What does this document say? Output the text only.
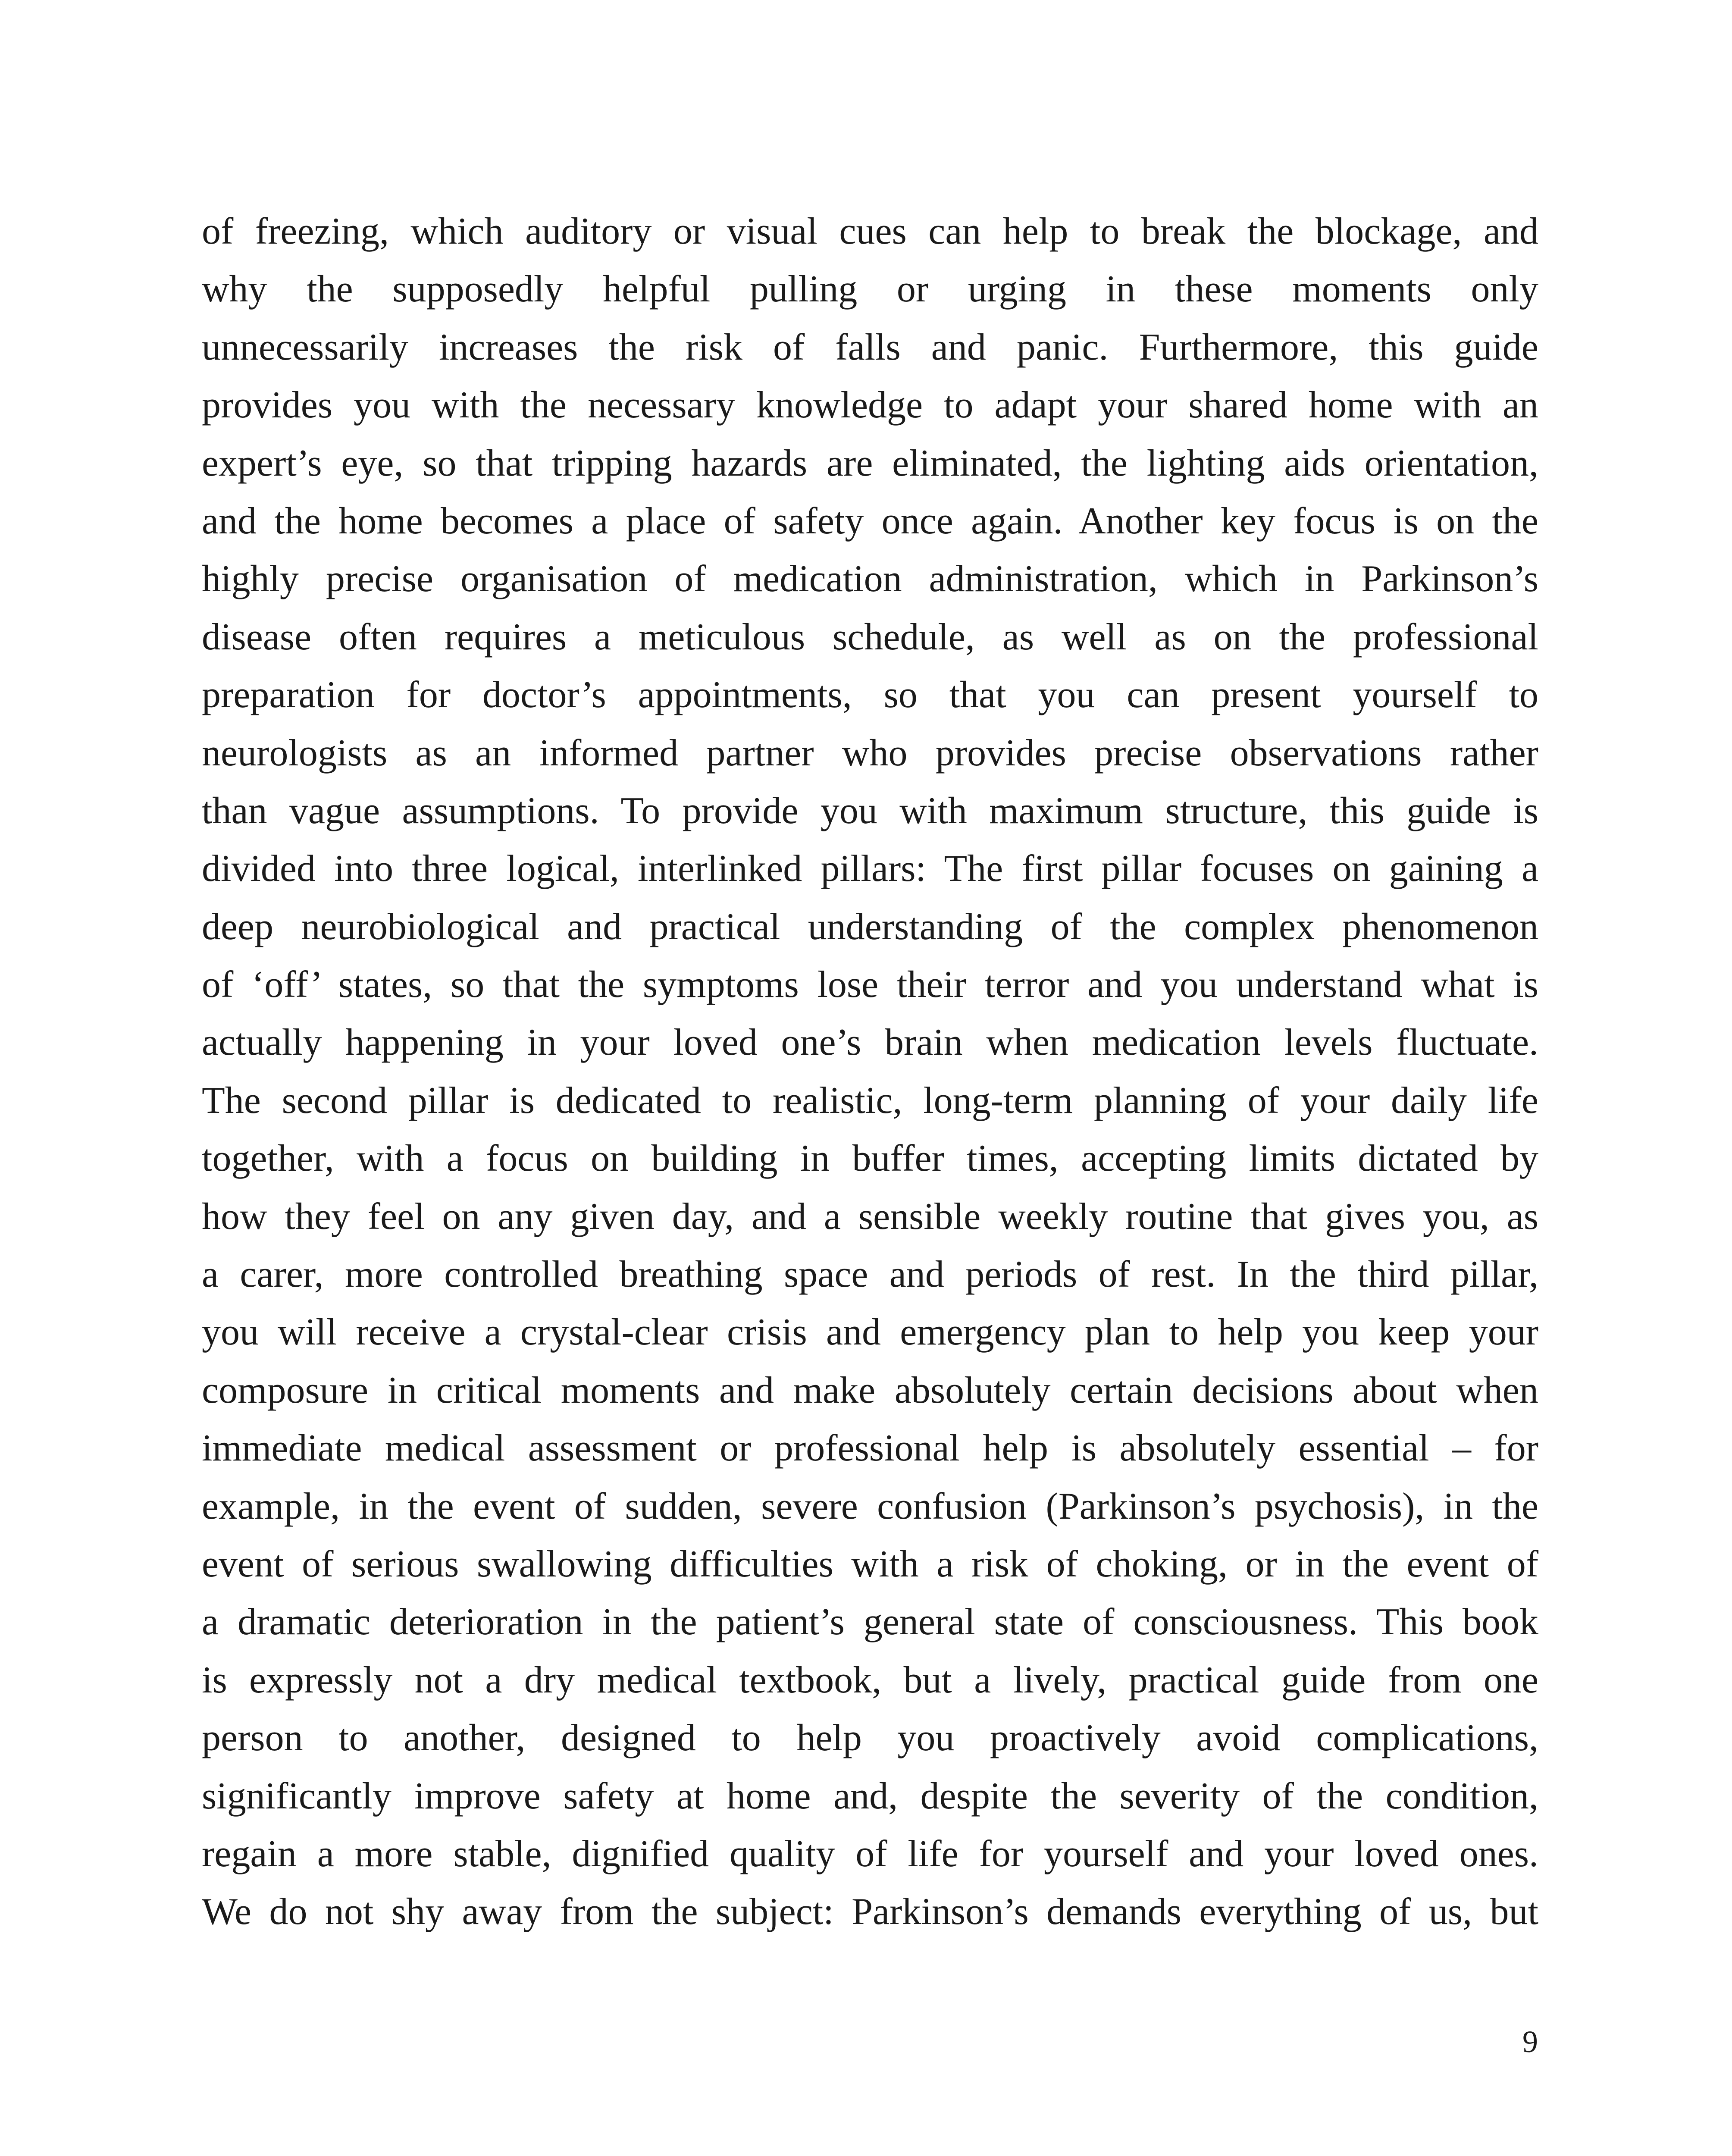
of freezing, which auditory or visual cues can help to break the blockage, and
why the supposedly helpful pulling or urging in these moments only
unnecessarily increases the risk of falls and panic. Furthermore, this guide
provides you with the necessary knowledge to adapt your shared home with an
expert’s eye, so that tripping hazards are eliminated, the lighting aids orientation,
and the home becomes a place of safety once again. Another key focus is on the
highly precise organisation of medication administration, which in Parkinson’s
disease often requires a meticulous schedule, as well as on the professional
preparation for doctor’s appointments, so that you can present yourself to
neurologists as an informed partner who provides precise observations rather
than vague assumptions. To provide you with maximum structure, this guide is
divided into three logical, interlinked pillars: The first pillar focuses on gaining a
deep neurobiological and practical understanding of the complex phenomenon
of ‘off’ states, so that the symptoms lose their terror and you understand what is
actually happening in your loved one’s brain when medication levels fluctuate.
The second pillar is dedicated to realistic, long-term planning of your daily life
together, with a focus on building in buffer times, accepting limits dictated by
how they feel on any given day, and a sensible weekly routine that gives you, as
a carer, more controlled breathing space and periods of rest. In the third pillar,
you will receive a crystal-clear crisis and emergency plan to help you keep your
composure in critical moments and make absolutely certain decisions about when
immediate medical assessment or professional help is absolutely essential – for
example, in the event of sudden, severe confusion (Parkinson’s psychosis), in the
event of serious swallowing difficulties with a risk of choking, or in the event of
a dramatic deterioration in the patient’s general state of consciousness. This book
is expressly not a dry medical textbook, but a lively, practical guide from one
person to another, designed to help you proactively avoid complications,
significantly improve safety at home and, despite the severity of the condition,
regain a more stable, dignified quality of life for yourself and your loved ones.
We do not shy away from the subject: Parkinson’s demands everything of us, but
9
